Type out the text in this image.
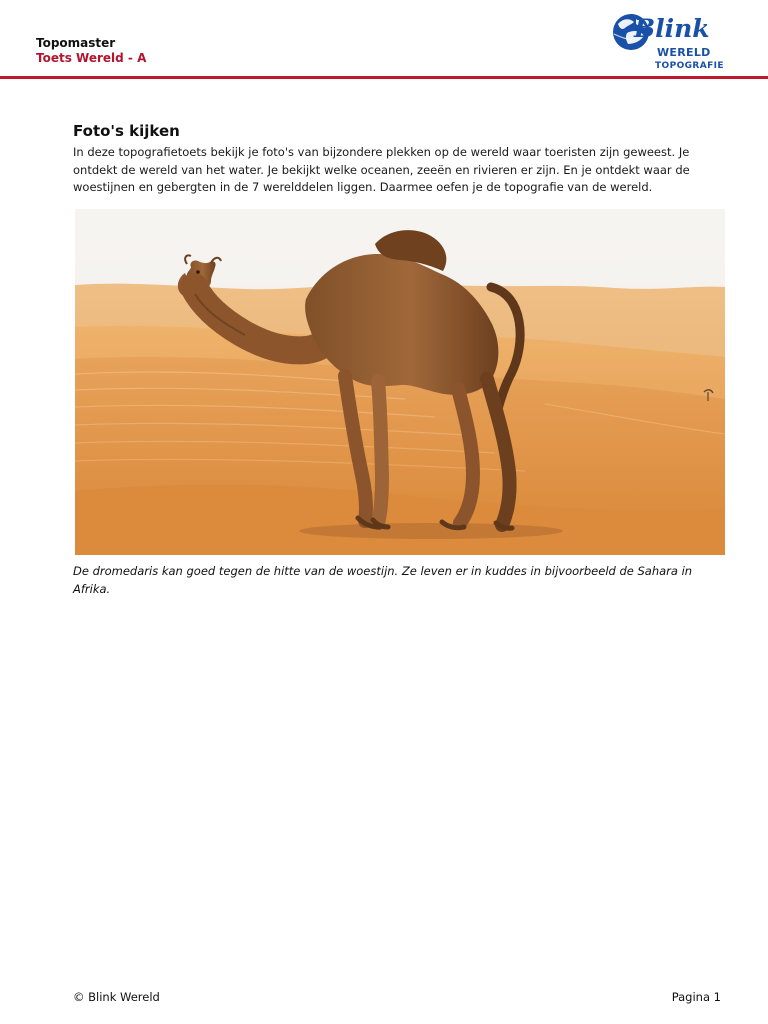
Topomaster
Toets Wereld - A
Blink
WERELD
TOPOGRAFIE
Foto's kijken

In deze topografietoets bekijk je foto's van bijzondere plekken op de wereld waar toeristen zijn geweest. Je ontdekt de wereld van het water. Je bekijkt welke oceanen, zeeën en rivieren er zijn. En je ontdekt waar de woestijnen en gebergten in de 7 werelddelen liggen. Daarmee oefen je de topografie van de wereld.

De dromedaris kan goed tegen de hitte van de woestijn. Ze leven er in kuddes in bijvoorbeeld de Sahara in Afrika.

© Blink Wereld	Pagina 1
